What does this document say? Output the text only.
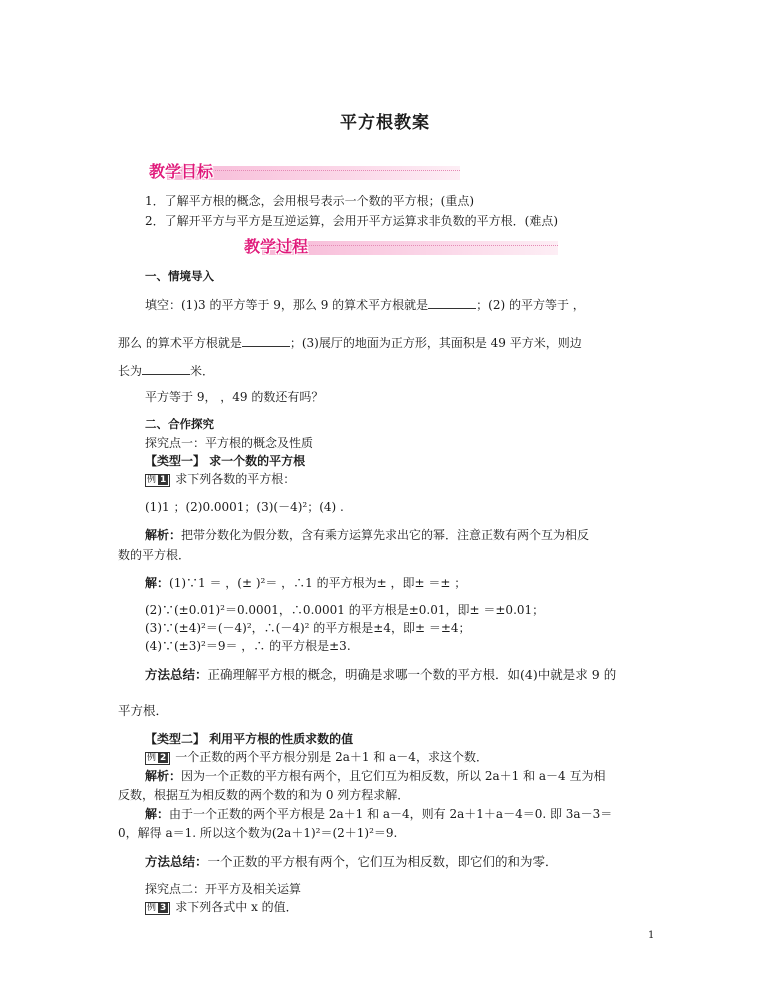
平方根教案
教学目标
1．了解平方根的概念，会用根号表示一个数的平方根；(重点)
2．了解开平方与平方是互逆运算，会用开平方运算求非负数的平方根．(难点)
教学过程
一、情境导入
填空：(1)3 的平方等于 9，那么 9 的算术平方根就是	；(2) 的平方等于 ，
那么 的算术平方根就是	；(3)展厅的地面为正方形，其面积是 49 平方米，则边
长为	米．
平方等于 9， ，49 的数还有吗？
二、合作探究
探究点一：平方根的概念及性质
【类型一】 求一个数的平方根
例 1 求下列各数的平方根：
(1)1 ；(2)0.0001；(3)(－4)²；(4) .
解析：把带分数化为假分数，含有乘方运算先求出它的幂．注意正数有两个互为相反
数的平方根．
解：(1)∵1 ＝ ，(± )²＝ ，∴1 的平方根为± ，即± ＝± ；
(2)∵(±0.01)²＝0.0001，∴0.0001 的平方根是±0.01，即± ＝±0.01；
(3)∵(±4)²＝(－4)²，∴(－4)² 的平方根是±4，即± ＝±4；
(4)∵(±3)²＝9＝ ，∴ 的平方根是±3.
方法总结：正确理解平方根的概念，明确是求哪一个数的平方根．如(4)中就是求 9 的
平方根．
【类型二】 利用平方根的性质求数的值
例 2 一个正数的两个平方根分别是 2a＋1 和 a－4，求这个数．
解析：因为一个正数的平方根有两个，且它们互为相反数，所以 2a＋1 和 a－4 互为相
反数，根据互为相反数的两个数的和为 0 列方程求解．
解：由于一个正数的两个平方根是 2a＋1 和 a－4，则有 2a＋1＋a－4＝0. 即 3a－3＝
0，解得 a＝1. 所以这个数为(2a＋1)²＝(2＋1)²＝9.
方法总结：一个正数的平方根有两个，它们互为相反数，即它们的和为零．
探究点二：开平方及相关运算
例 3 求下列各式中 x 的值．
1
